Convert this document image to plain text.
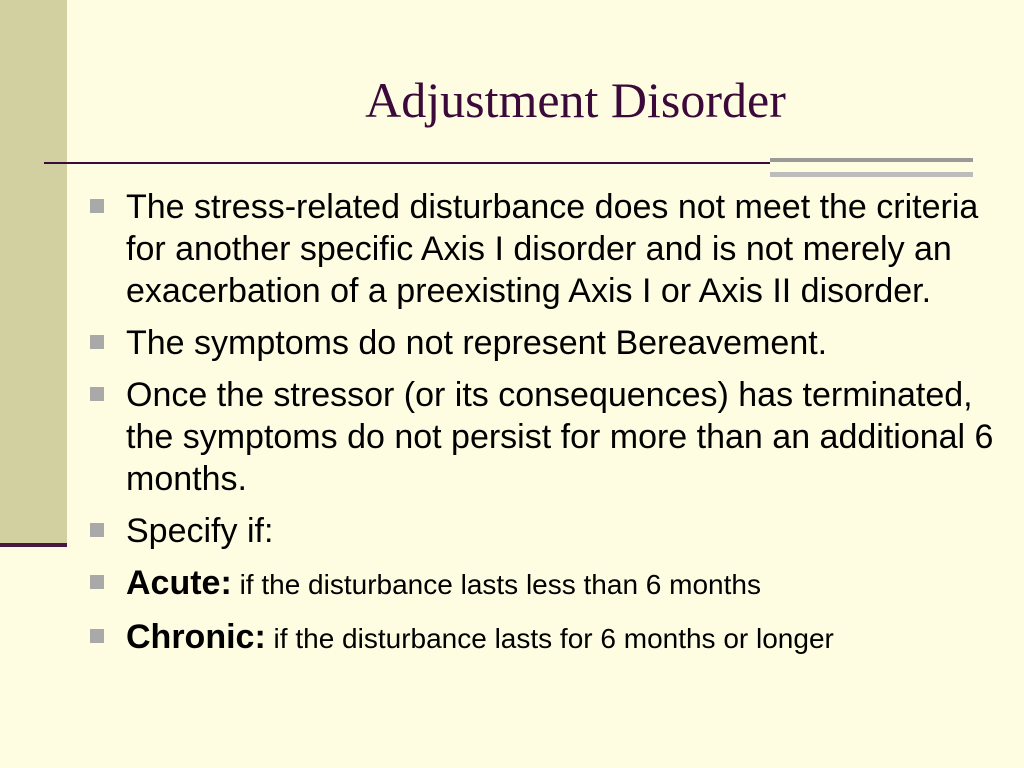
Adjustment Disorder
The stress-related disturbance does not meet the criteria for another specific Axis I disorder and is not merely an exacerbation of a preexisting Axis I or Axis II disorder.
The symptoms do not represent Bereavement.
Once the stressor (or its consequences) has terminated, the symptoms do not persist for more than an additional 6 months.
Specify if:
Acute: if the disturbance lasts less than 6 months
Chronic: if the disturbance lasts for 6 months or longer
